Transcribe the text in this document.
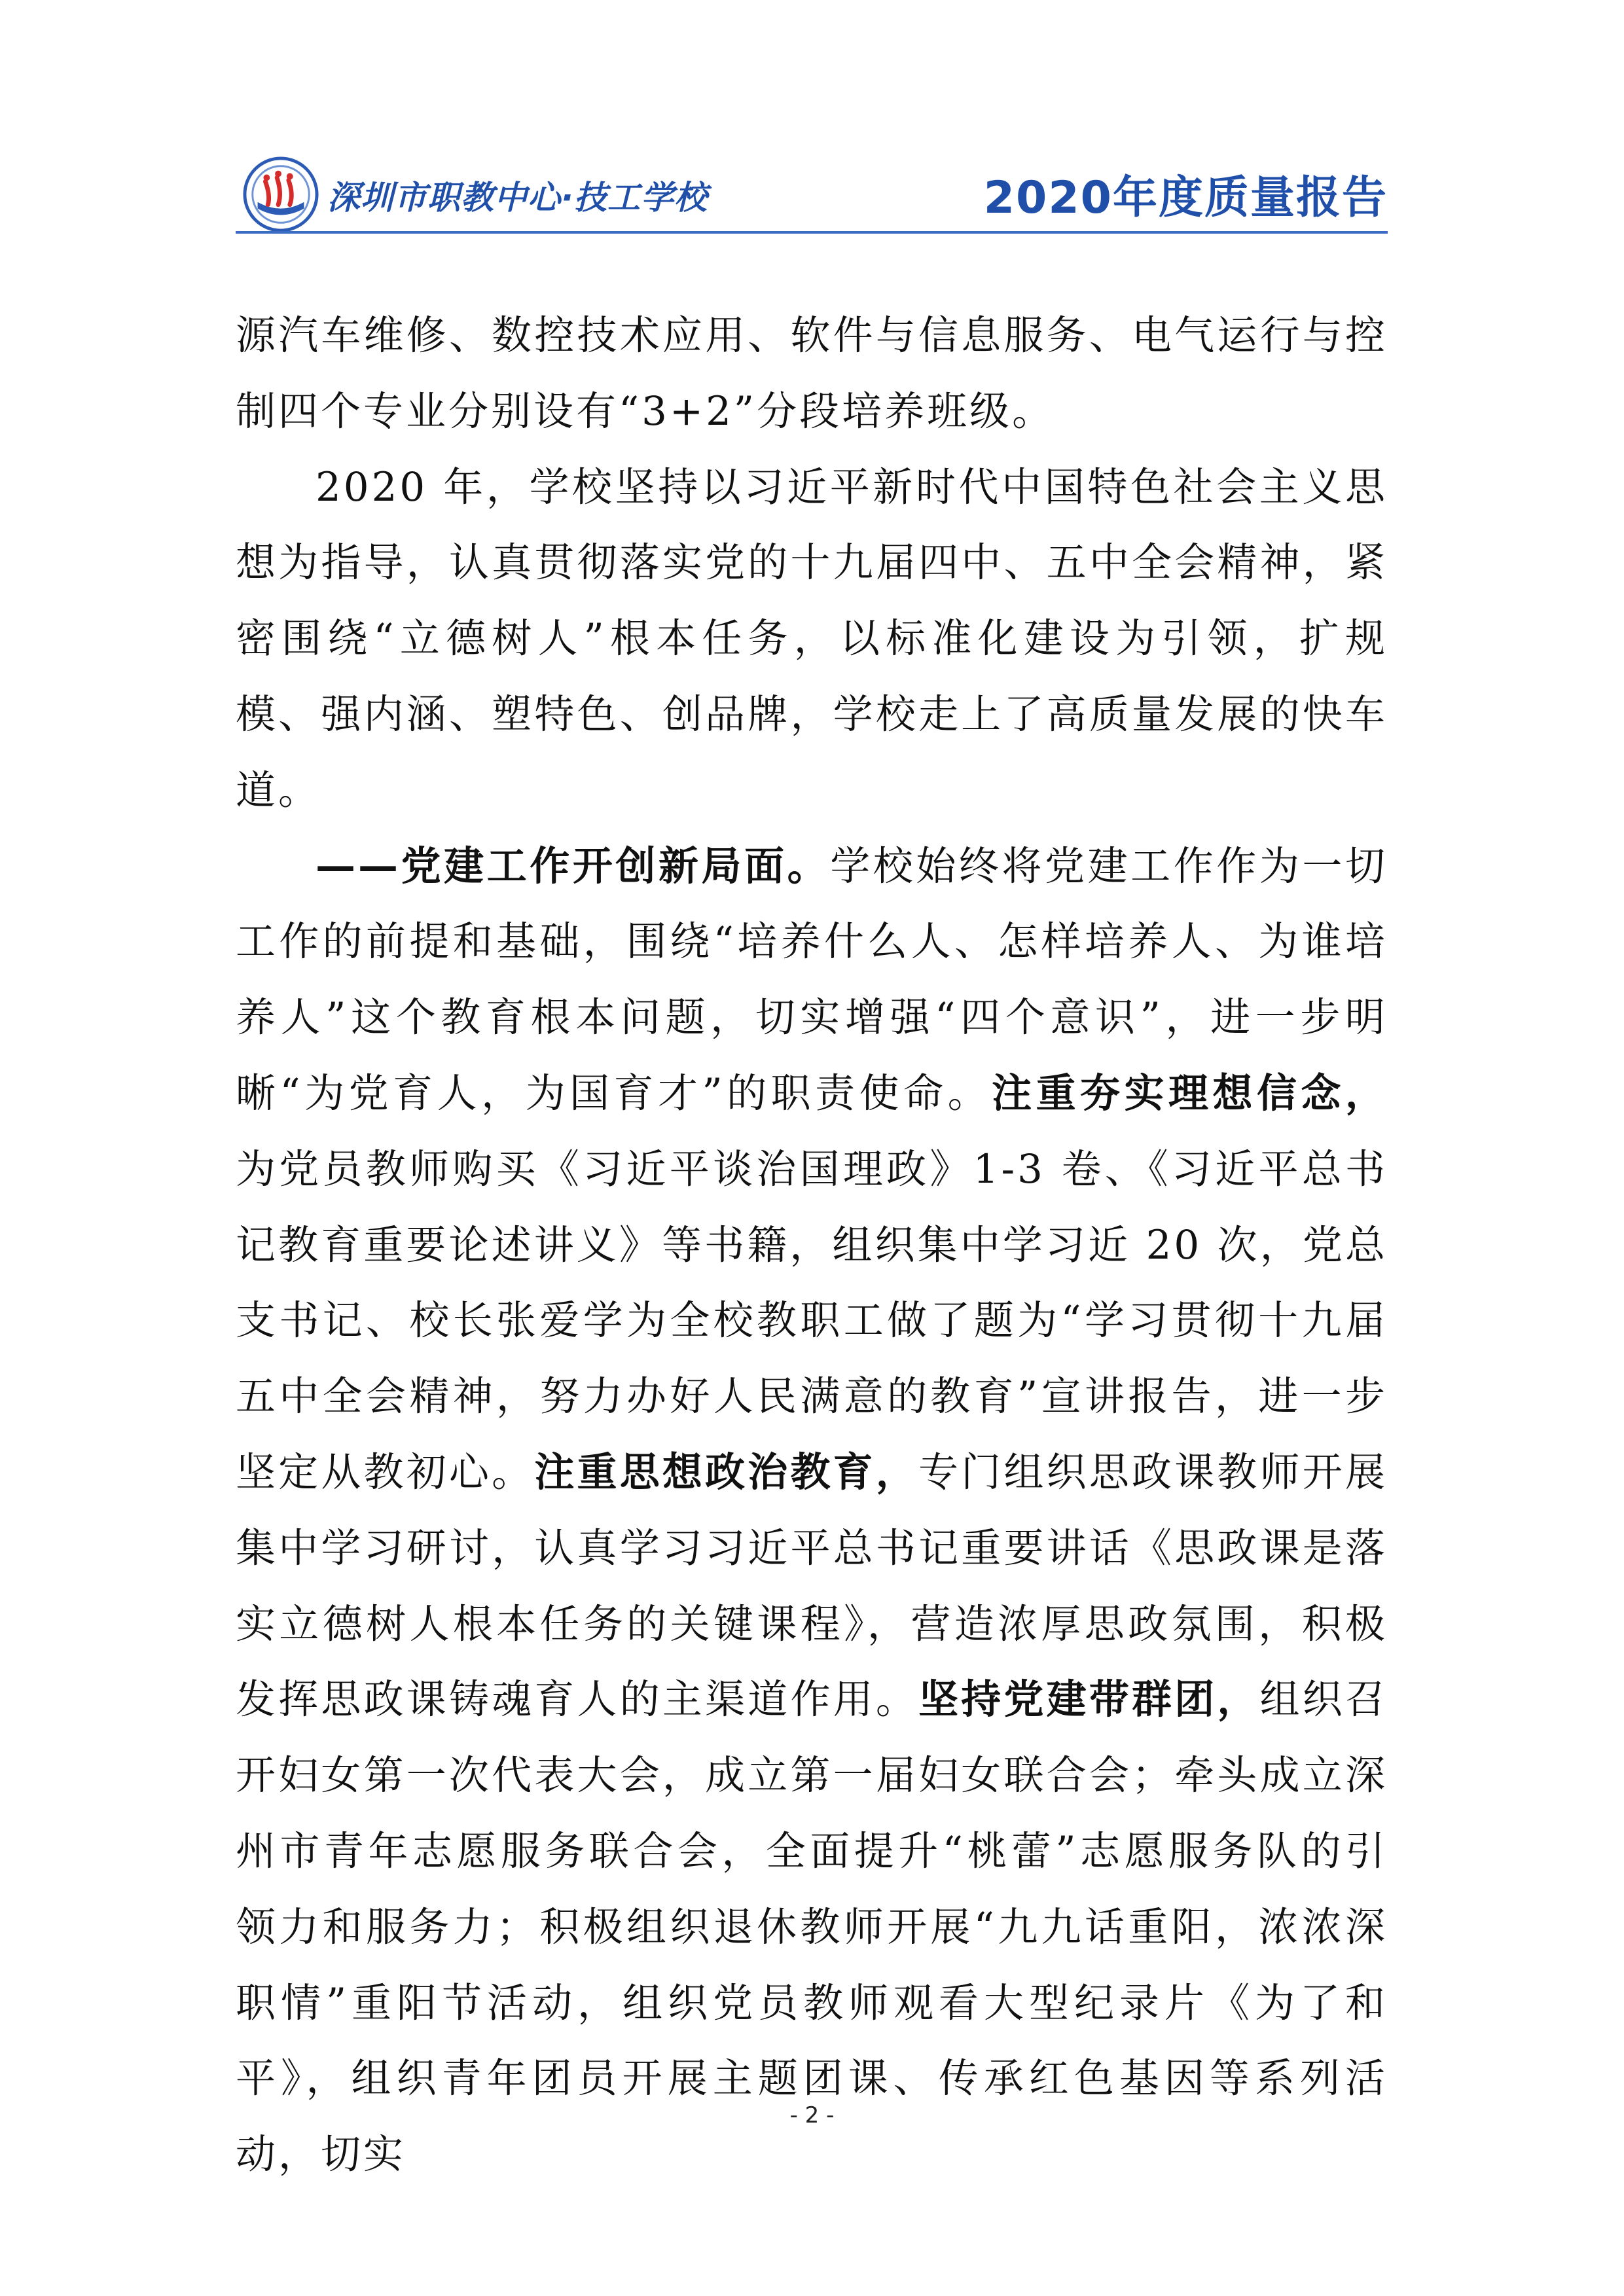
深圳市职教中心·技工学校	2020年度质量报告

源汽车维修、数控技术应用、软件与信息服务、电气运行与控制四个专业分别设有“3+2”分段培养班级。

2020 年，学校坚持以习近平新时代中国特色社会主义思想为指导，认真贯彻落实党的十九届四中、五中全会精神，紧密围绕“立德树人”根本任务，以标准化建设为引领，扩规模、强内涵、塑特色、创品牌，学校走上了高质量发展的快车道。

——党建工作开创新局面。学校始终将党建工作作为一切工作的前提和基础，围绕“培养什么人、怎样培养人、为谁培养人”这个教育根本问题，切实增强“四个意识”，进一步明晰“为党育人，为国育才”的职责使命。注重夯实理想信念，为党员教师购买《习近平谈治国理政》1-3 卷、《习近平总书记教育重要论述讲义》等书籍，组织集中学习近 20 次，党总支书记、校长张爱学为全校教职工做了题为“学习贯彻十九届五中全会精神，努力办好人民满意的教育”宣讲报告，进一步坚定从教初心。注重思想政治教育，专门组织思政课教师开展集中学习研讨，认真学习习近平总书记重要讲话《思政课是落实立德树人根本任务的关键课程》，营造浓厚思政氛围，积极发挥思政课铸魂育人的主渠道作用。坚持党建带群团，组织召开妇女第一次代表大会，成立第一届妇女联合会；牵头成立深州市青年志愿服务联合会，全面提升“桃蕾”志愿服务队的引领力和服务力；积极组织退休教师开展“九九话重阳，浓浓深职情”重阳节活动，组织党员教师观看大型纪录片《为了和平》，组织青年团员开展主题团课、传承红色基因等系列活动，切实

- 2 -
